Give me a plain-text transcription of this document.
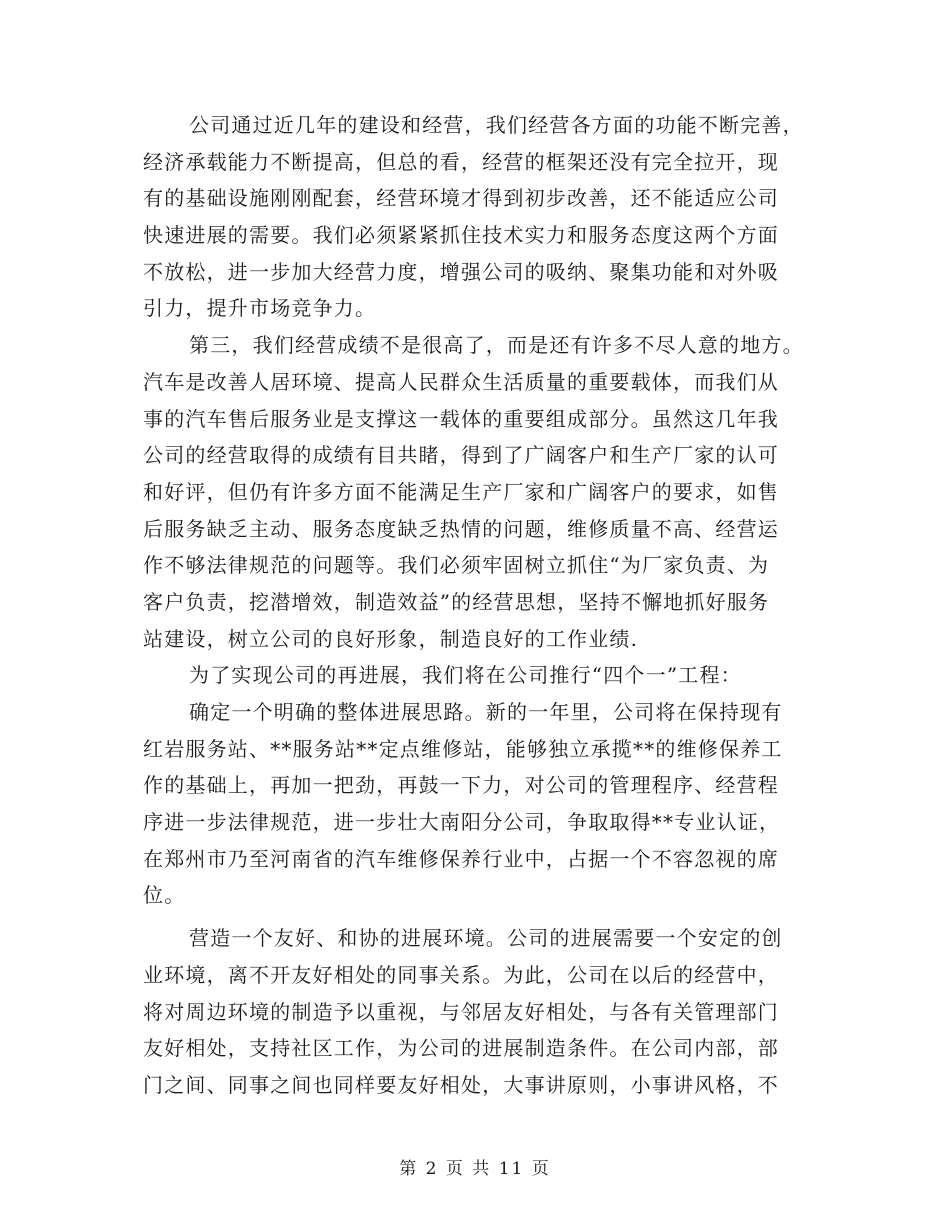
公司通过近几年的建设和经营，我们经营各方面的功能不断完善，
经济承载能力不断提高，但总的看，经营的框架还没有完全拉开，现
有的基础设施刚刚配套，经营环境才得到初步改善，还不能适应公司
快速进展的需要。我们必须紧紧抓住技术实力和服务态度这两个方面
不放松，进一步加大经营力度，增强公司的吸纳、聚集功能和对外吸
引力，提升市场竞争力。
第三，我们经营成绩不是很高了，而是还有许多不尽人意的地方。
汽车是改善人居环境、提高人民群众生活质量的重要载体，而我们从
事的汽车售后服务业是支撑这一载体的重要组成部分。虽然这几年我
公司的经营取得的成绩有目共睹，得到了广阔客户和生产厂家的认可
和好评，但仍有许多方面不能满足生产厂家和广阔客户的要求，如售
后服务缺乏主动、服务态度缺乏热情的问题，维修质量不高、经营运
作不够法律规范的问题等。我们必须牢固树立抓住“为厂家负责、为
客户负责，挖潜增效，制造效益”的经营思想，坚持不懈地抓好服务
站建设，树立公司的良好形象，制造良好的工作业绩.
为了实现公司的再进展，我们将在公司推行“四个一”工程：
确定一个明确的整体进展思路。新的一年里，公司将在保持现有
红岩服务站、**服务站**定点维修站，能够独立承揽**的维修保养工
作的基础上，再加一把劲，再鼓一下力，对公司的管理程序、经营程
序进一步法律规范，进一步壮大南阳分公司，争取取得**专业认证，
在郑州市乃至河南省的汽车维修保养行业中，占据一个不容忽视的席
位。
营造一个友好、和协的进展环境。公司的进展需要一个安定的创
业环境，离不开友好相处的同事关系。为此，公司在以后的经营中，
将对周边环境的制造予以重视，与邻居友好相处，与各有关管理部门
友好相处，支持社区工作，为公司的进展制造条件。在公司内部，部
门之间、同事之间也同样要友好相处，大事讲原则，小事讲风格，不
第 2 页 共 11 页
